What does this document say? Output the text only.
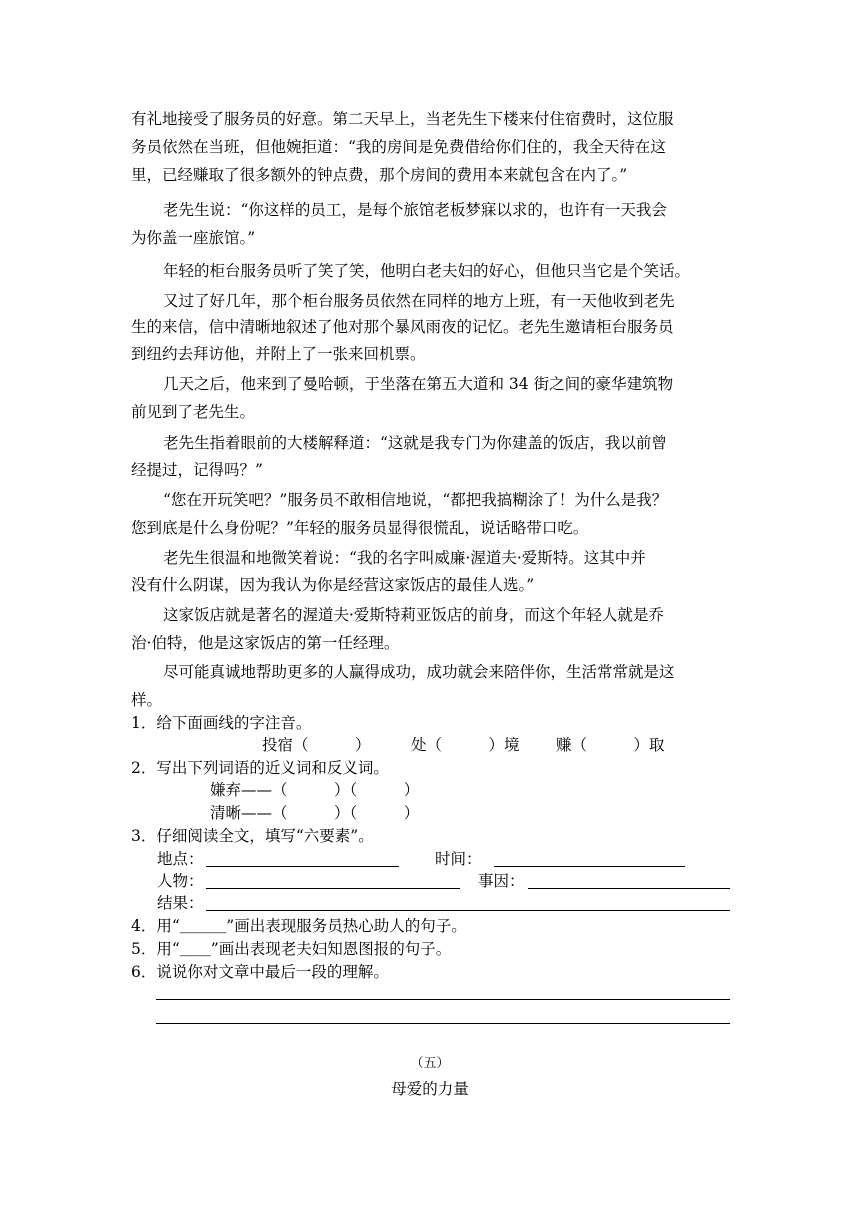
有礼地接受了服务员的好意。第二天早上，当老先生下楼来付住宿费时，这位服
务员依然在当班，但他婉拒道：“我的房间是免费借给你们住的，我全天待在这
里，已经赚取了很多额外的钟点费，那个房间的费用本来就包含在内了。”
老先生说：“你这样的员工，是每个旅馆老板梦寐以求的，也许有一天我会
为你盖一座旅馆。”
年轻的柜台服务员听了笑了笑，他明白老夫妇的好心，但他只当它是个笑话。
又过了好几年，那个柜台服务员依然在同样的地方上班，有一天他收到老先
生的来信，信中清晰地叙述了他对那个暴风雨夜的记忆。老先生邀请柜台服务员
到纽约去拜访他，并附上了一张来回机票。
几天之后，他来到了曼哈顿，于坐落在第五大道和 34 街之间的豪华建筑物
前见到了老先生。
老先生指着眼前的大楼解释道：“这就是我专门为你建盖的饭店，我以前曾
经提过，记得吗？”
“您在开玩笑吧？”服务员不敢相信地说，“都把我搞糊涂了！为什么是我？
您到底是什么身份呢？”年轻的服务员显得很慌乱，说话略带口吃。
老先生很温和地微笑着说：“我的名字叫威廉·渥道夫·爱斯特。这其中并
没有什么阴谋，因为我认为你是经营这家饭店的最佳人选。”
这家饭店就是著名的渥道夫·爱斯特莉亚饭店的前身，而这个年轻人就是乔
治·伯特，他是这家饭店的第一任经理。
尽可能真诚地帮助更多的人赢得成功，成功就会来陪伴你，生活常常就是这
样。
1．给下面画线的字注音。
投宿（　　　）	处（　　　）境 赚（　　　）取
2．写出下列词语的近义词和反义词。
嫌弃——（　　　）（　　　）
清晰——（　　　）（　　　）
3．仔细阅读全文，填写“六要素”。
地点：	时间：
人物：	事因：
结果：
4．用“＿＿＿”画出表现服务员热心助人的句子。
5．用“＿＿”画出表现老夫妇知恩图报的句子。
6．说说你对文章中最后一段的理解。
（五）
母爱的力量
